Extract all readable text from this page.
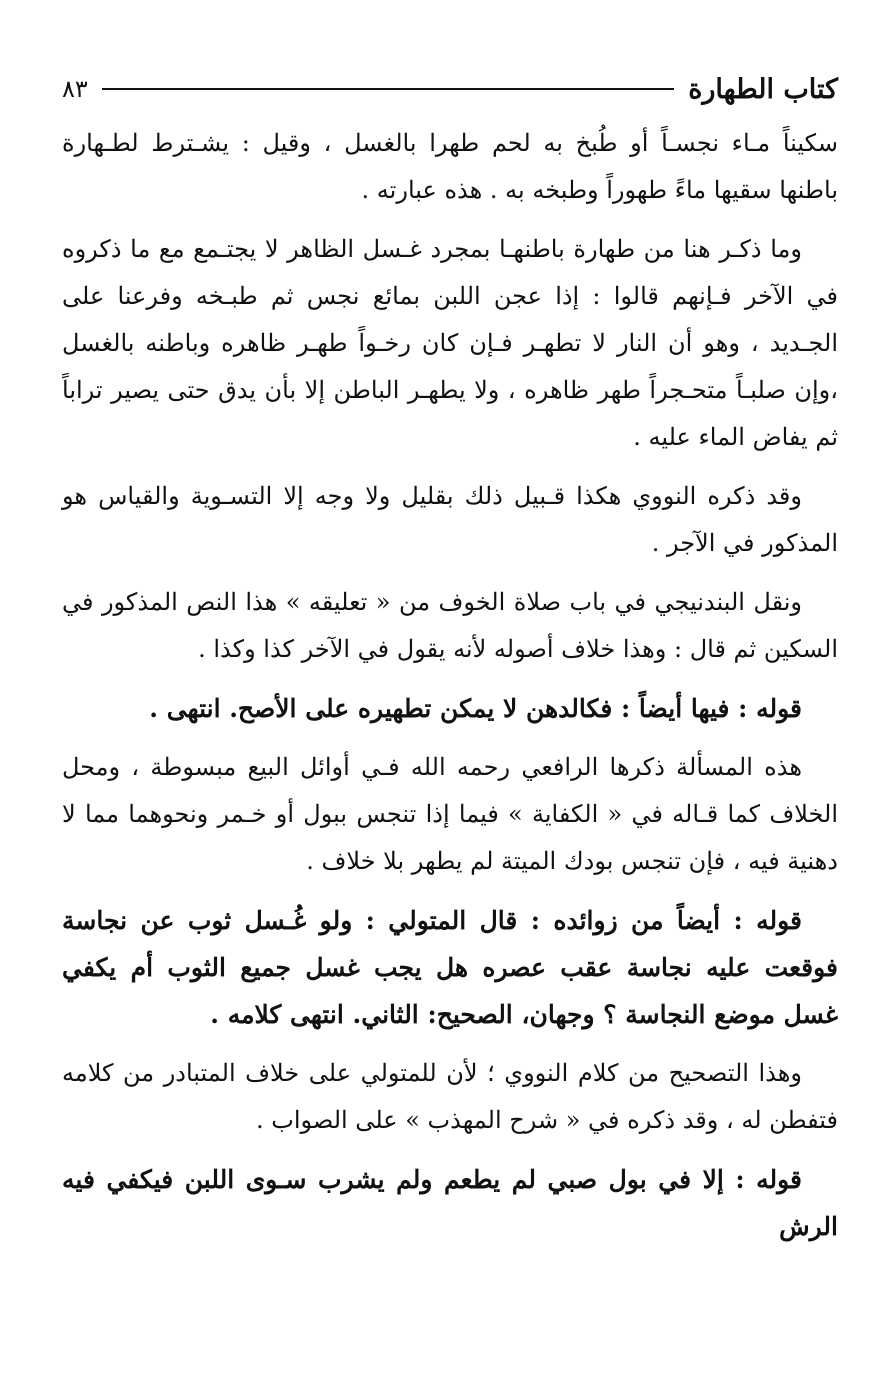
كتاب الطهارة
٨٣

سكيناً مـاء نجسـاً أو طُبخ به لحم طهرا بالغسل ، وقيل : يشـترط لطـهارة باطنها سقيها ماءً طهوراً وطبخه به . هذه عبارته .

وما ذكـر هنا من طهارة باطنهـا بمجرد غـسل الظاهر لا يجتـمع مع ما ذكروه في الآخر فـإنهم قالوا : إذا عجن اللبن بمائع نجس ثم طبـخه وفرعنا على الجـديد ، وهو أن النار لا تطهـر فـإن كان رخـواً طهـر ظاهره وباطنه بالغسل ،وإن صلبـاً متحـجراً طهر ظاهره ، ولا يطهـر الباطن إلا بأن يدق حتى يصير تراباً ثم يفاض الماء عليه .

وقد ذكره النووي هكذا قـبيل ذلك بقليل ولا وجه إلا التسـوية والقياس هو المذكور في الآجر .

ونقل البندنيجي في باب صلاة الخوف من « تعليقه » هذا النص المذكور في السكين ثم قال : وهذا خلاف أصوله لأنه يقول في الآخر كذا وكذا .

قوله : فيها أيضاً : فكالدهن لا يمكن تطهيره على الأصح. انتهى .

هذه المسألة ذكرها الرافعي رحمه الله فـي أوائل البيع مبسوطة ، ومحل الخلاف كما قـاله في « الكفاية » فيما إذا تنجس ببول أو خـمر ونحوهما مما لا دهنية فيه ، فإن تنجس بودك الميتة لم يطهر بلا خلاف .

قوله : أيضاً من زوائده : قال المتولي : ولو غُـسل ثوب عن نجاسة فوقعت عليه نجاسة عقب عصره هل يجب غسل جميع الثوب أم يكفي غسل موضع النجاسة ؟ وجهان، الصحيح: الثاني. انتهى كلامه .

وهذا التصحيح من كلام النووي ؛ لأن للمتولي على خلاف المتبادر من كلامه فتفطن له ، وقد ذكره في « شرح المهذب » على الصواب .

قوله : إلا في بول صبي لم يطعم ولم يشرب سـوى اللبن فيكفي فيه الرش
